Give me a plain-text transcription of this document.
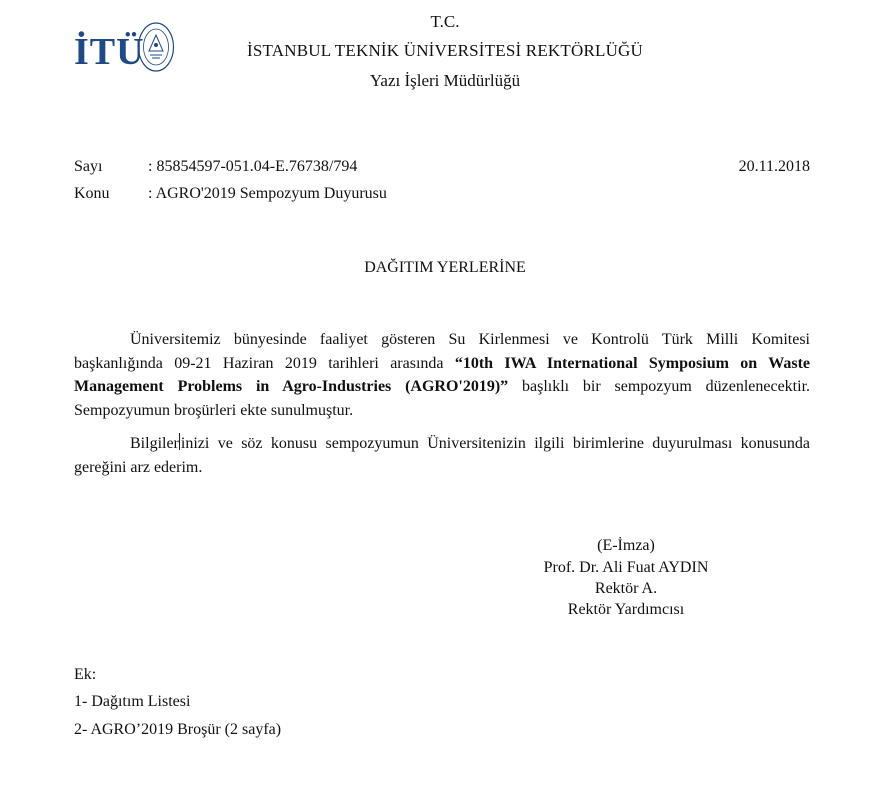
İTÜ
T.C.
İSTANBUL TEKNİK ÜNİVERSİTESİ REKTÖRLÜĞÜ
Yazı İşleri Müdürlüğü
Sayı	: 85854597-051.04-E.76738/794	20.11.2018
Konu : AGRO'2019 Sempozyum Duyurusu
DAĞITIM YERLERİNE

Üniversitemiz bünyesinde faaliyet gösteren Su Kirlenmesi ve Kontrolü Türk Milli Komitesi başkanlığında 09-21 Haziran 2019 tarihleri arasında “10th IWA International Symposium on Waste Management Problems in Agro-Industries (AGRO'2019)” başlıklı bir sempozyum düzenlenecektir. Sempozyumun broşürleri ekte sunulmuştur.

Bilgiler inizi ve söz konusu sempozyumun Üniversitenizin ilgili birimlerine duyurulması konusunda gereğini arz ederim.

(E-İmza)
Prof. Dr. Ali Fuat AYDIN
Rektör A.
Rektör Yardımcısı
Ek:
1- Dağıtım Listesi
2- AGRO’2019 Broşür (2 sayfa)
